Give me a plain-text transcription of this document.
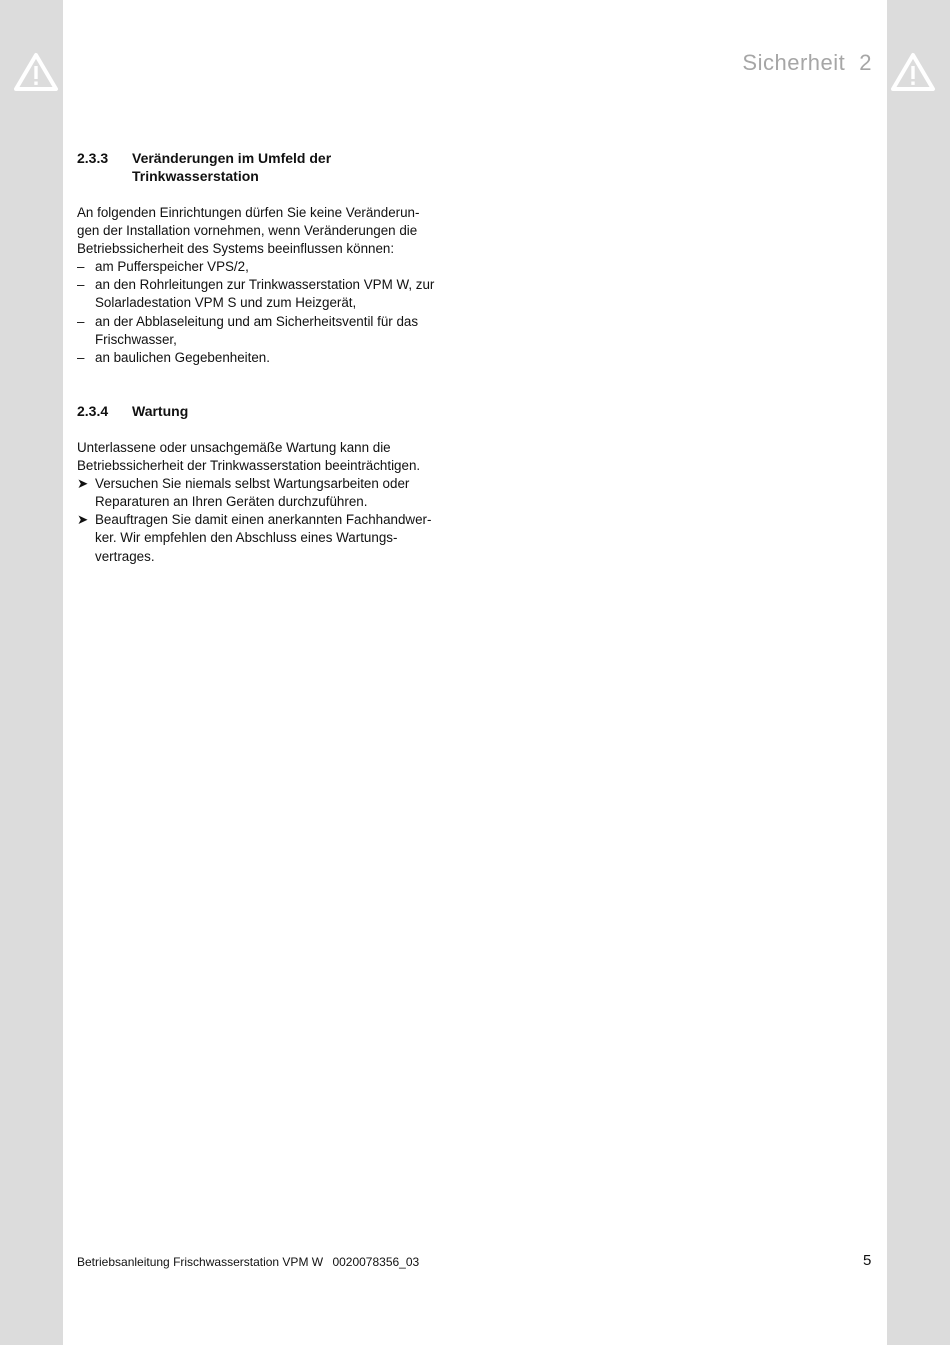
Sicherheit 2
2.3.3	Veränderungen im Umfeld der
Trinkwasserstation

An folgenden Einrichtungen dürfen Sie keine Veränderun-
gen der Installation vornehmen, wenn Veränderungen die
Betriebssicherheit des Systems beeinflussen können:

– am Pufferspeicher VPS/2,
– an den Rohrleitungen zur Trinkwasserstation VPM W, zur
Solarladestation VPM S und zum Heizgerät,
– an der Abblaseleitung und am Sicherheitsventil für das
Frischwasser,
– an baulichen Gegebenheiten.
2.3.4	Wartung

Unterlassene oder unsachgemäße Wartung kann die
Betriebssicherheit der Trinkwasserstation beeinträchtigen.

➤ Versuchen Sie niemals selbst Wartungsarbeiten oder
Reparaturen an Ihren Geräten durchzuführen.
➤ Beauftragen Sie damit einen anerkannten Fachhandwer-
ker. Wir empfehlen den Abschluss eines Wartungs-
vertrages.
Betriebsanleitung Frischwasserstation VPM W 0020078356_03	5
